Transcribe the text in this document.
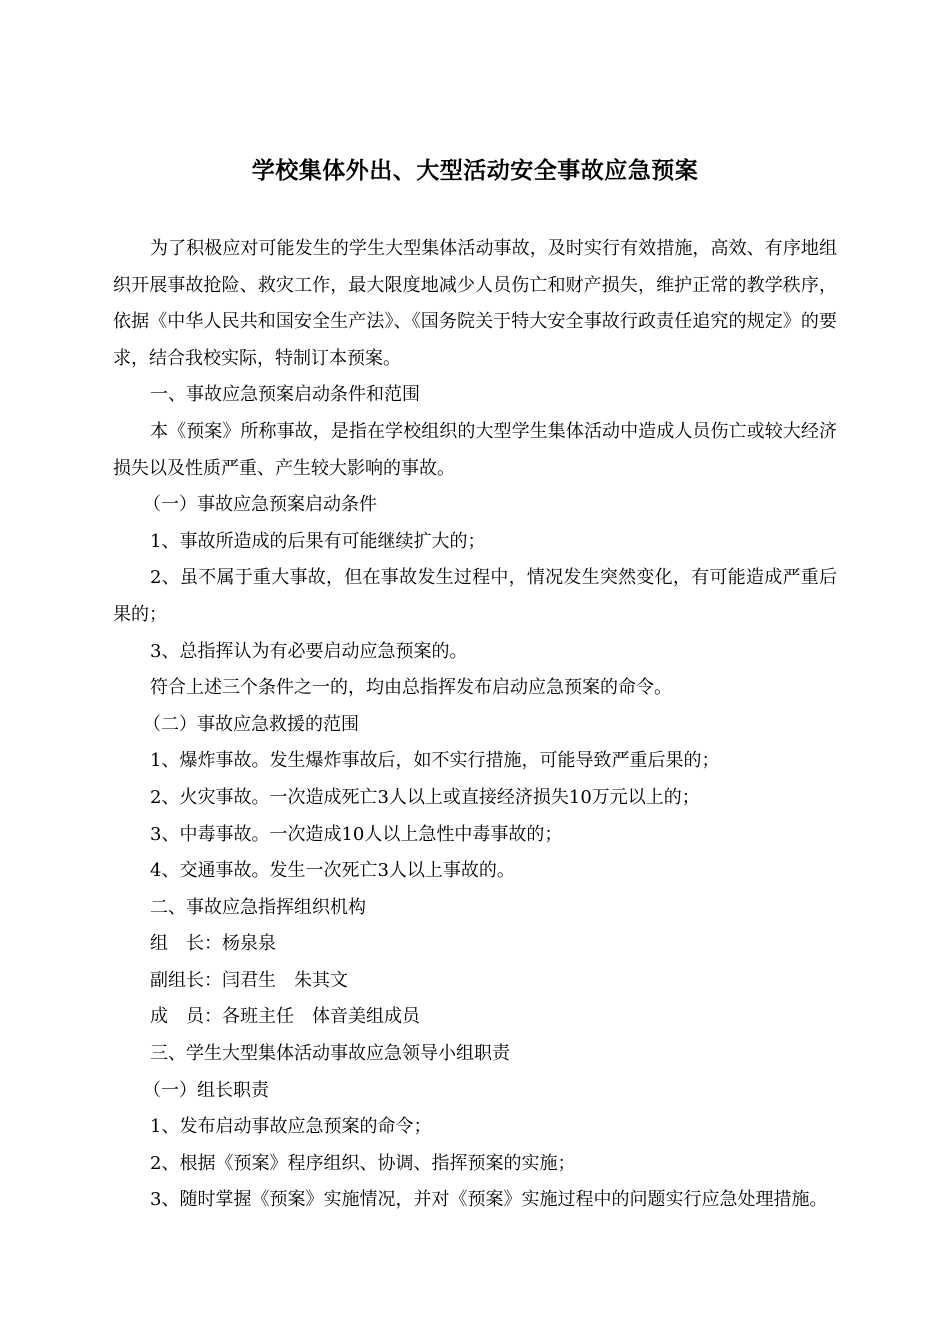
学校集体外出、大型活动安全事故应急预案

为了积极应对可能发生的学生大型集体活动事故，及时实行有效措施，高效、有序地组织开展事故抢险、救灾工作，最大限度地减少人员伤亡和财产损失，维护正常的教学秩序，依据《中华人民共和国安全生产法》、《国务院关于特大安全事故行政责任追究的规定》的要求，结合我校实际，特制订本预案。

一、事故应急预案启动条件和范围

本《预案》所称事故，是指在学校组织的大型学生集体活动中造成人员伤亡或较大经济损失以及性质严重、产生较大影响的事故。

（一）事故应急预案启动条件

1、事故所造成的后果有可能继续扩大的；

2、虽不属于重大事故，但在事故发生过程中，情况发生突然变化，有可能造成严重后果的；

3、总指挥认为有必要启动应急预案的。

符合上述三个条件之一的，均由总指挥发布启动应急预案的命令。

（二）事故应急救援的范围

1、爆炸事故。发生爆炸事故后，如不实行措施，可能导致严重后果的；

2、火灾事故。一次造成死亡3人以上或直接经济损失10万元以上的；

3、中毒事故。一次造成10人以上急性中毒事故的；

4、交通事故。发生一次死亡3人以上事故的。

二、事故应急指挥组织机构

组　长：杨泉泉

副组长：闫君生　朱其文

成　员：各班主任　体音美组成员

三、学生大型集体活动事故应急领导小组职责

（一）组长职责

1、发布启动事故应急预案的命令；

2、根据《预案》程序组织、协调、指挥预案的实施；

3、随时掌握《预案》实施情况，并对《预案》实施过程中的问题实行应急处理措施。
